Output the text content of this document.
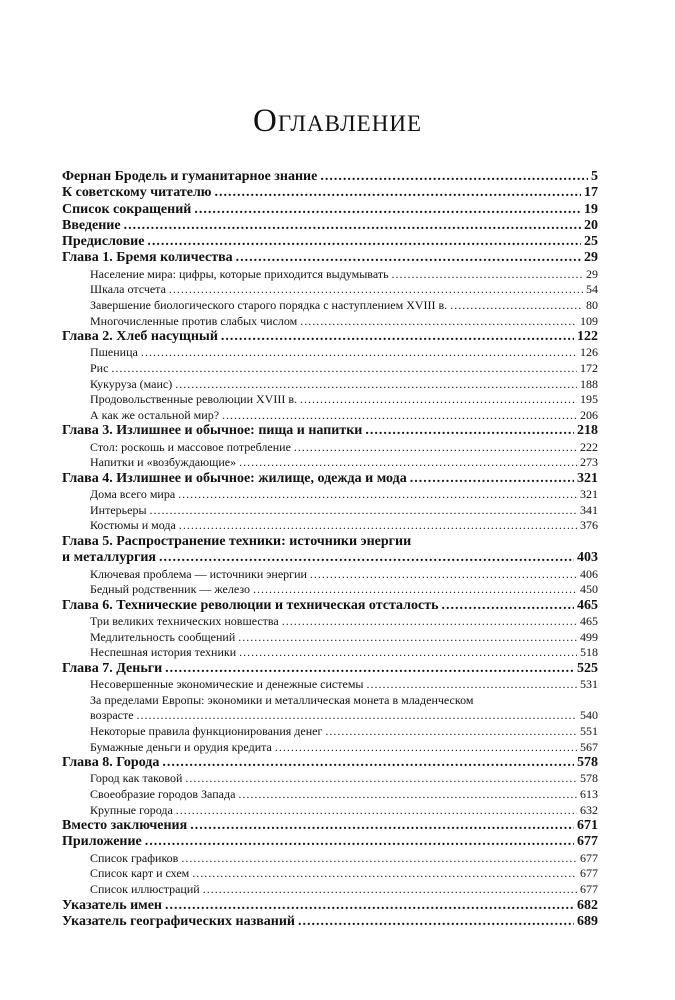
Оглавление
Фернан Бродель и гуманитарное знание .....	5
К советскому читателю .....	17
Список сокращений .....	19
Введение .....	20
Предисловие .....	25
Глава 1. Бремя количества .....	29
Население мира: цифры, которые приходится выдумывать .....	29
Шкала отсчета .....	54
Завершение биологического старого порядка с наступлением XVIII в. .....	80
Многочисленные против слабых числом .....	109
Глава 2. Хлеб насущный .....	122
Пшеница .....	126
Рис .....	172
Кукуруза (маис) .....	188
Продовольственные революции XVIII в. .....	195
А как же остальной мир? .....	206
Глава 3. Излишнее и обычное: пища и напитки .....	218
Стол: роскошь и массовое потребление .....	222
Напитки и «возбуждающие» .....	273
Глава 4. Излишнее и обычное: жилище, одежда и мода .....	321
Дома всего мира .....	321
Интерьеры .....	341
Костюмы и мода .....	376
Глава 5. Распространение техники: источники энергии
и металлургия .....	403
Ключевая проблема — источники энергии .....	406
Бедный родственник — железо .....	450
Глава 6. Технические революции и техническая отсталость .....	465
Три великих технических новшества .....	465
Медлительность сообщений .....	499
Неспешная история техники .....	518
Глава 7. Деньги .....	525
Несовершенные экономические и денежные системы .....	531
За пределами Европы: экономики и металлическая монета в младенческом
возрасте .....	540
Некоторые правила функционирования денег .....	551
Бумажные деньги и орудия кредита .....	567
Глава 8. Города .....	578
Город как таковой .....	578
Своеобразие городов Запада .....	613
Крупные города .....	632
Вместо заключения .....	671
Приложение .....	677
Список графиков .....	677
Список карт и схем .....	677
Список иллюстраций .....	677
Указатель имен .....	682
Указатель географических названий .....	689
